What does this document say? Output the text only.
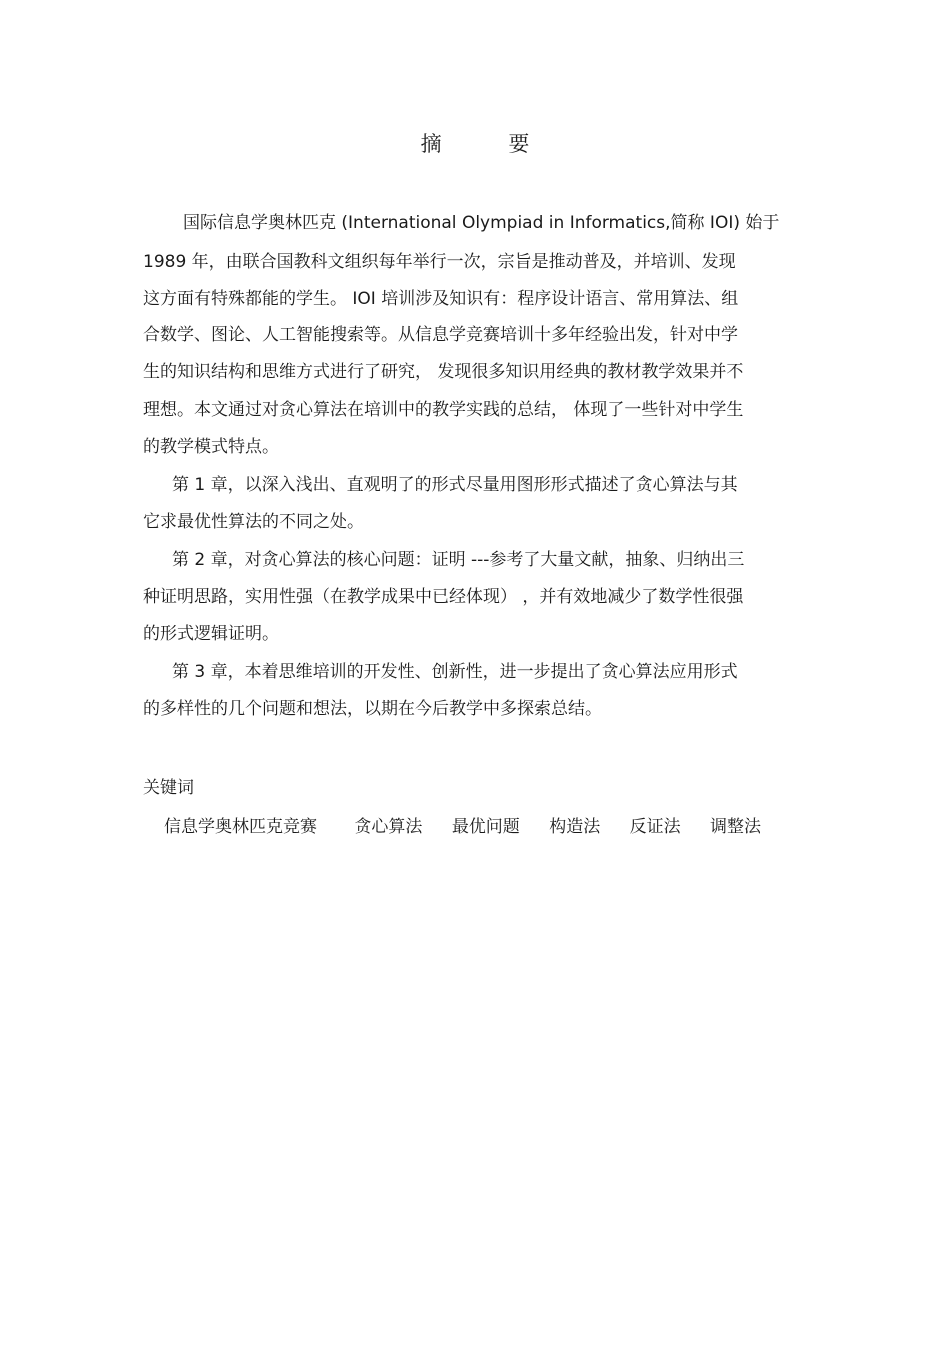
摘 要
国际信息学奥林匹克 (International Olympiad in Informatics,简称 IOI) 始于
1989 年，由联合国教科文组织每年举行一次，宗旨是推动普及，并培训、发现
这方面有特殊都能的学生。 IOI 培训涉及知识有：程序设计语言、常用算法、组
合数学、图论、人工智能搜索等。从信息学竞赛培训十多年经验出发，针对中学
生的知识结构和思维方式进行了研究， 发现很多知识用经典的教材教学效果并不
理想。本文通过对贪心算法在培训中的教学实践的总结， 体现了一些针对中学生
的教学模式特点。
第 1 章，以深入浅出、直观明了的形式尽量用图形形式描述了贪心算法与其
它求最优性算法的不同之处。
第 2 章，对贪心算法的核心问题：证明 ---参考了大量文献，抽象、归纳出三
种证明思路，实用性强（在教学成果中已经体现） ，并有效地减少了数学性很强
的形式逻辑证明。
第 3 章，本着思维培训的开发性、创新性，进一步提出了贪心算法应用形式
的多样性的几个问题和想法，以期在今后教学中多探索总结。
关键词
信息学奥林匹克竞赛 贪心算法 最优问题 构造法 反证法 调整法
